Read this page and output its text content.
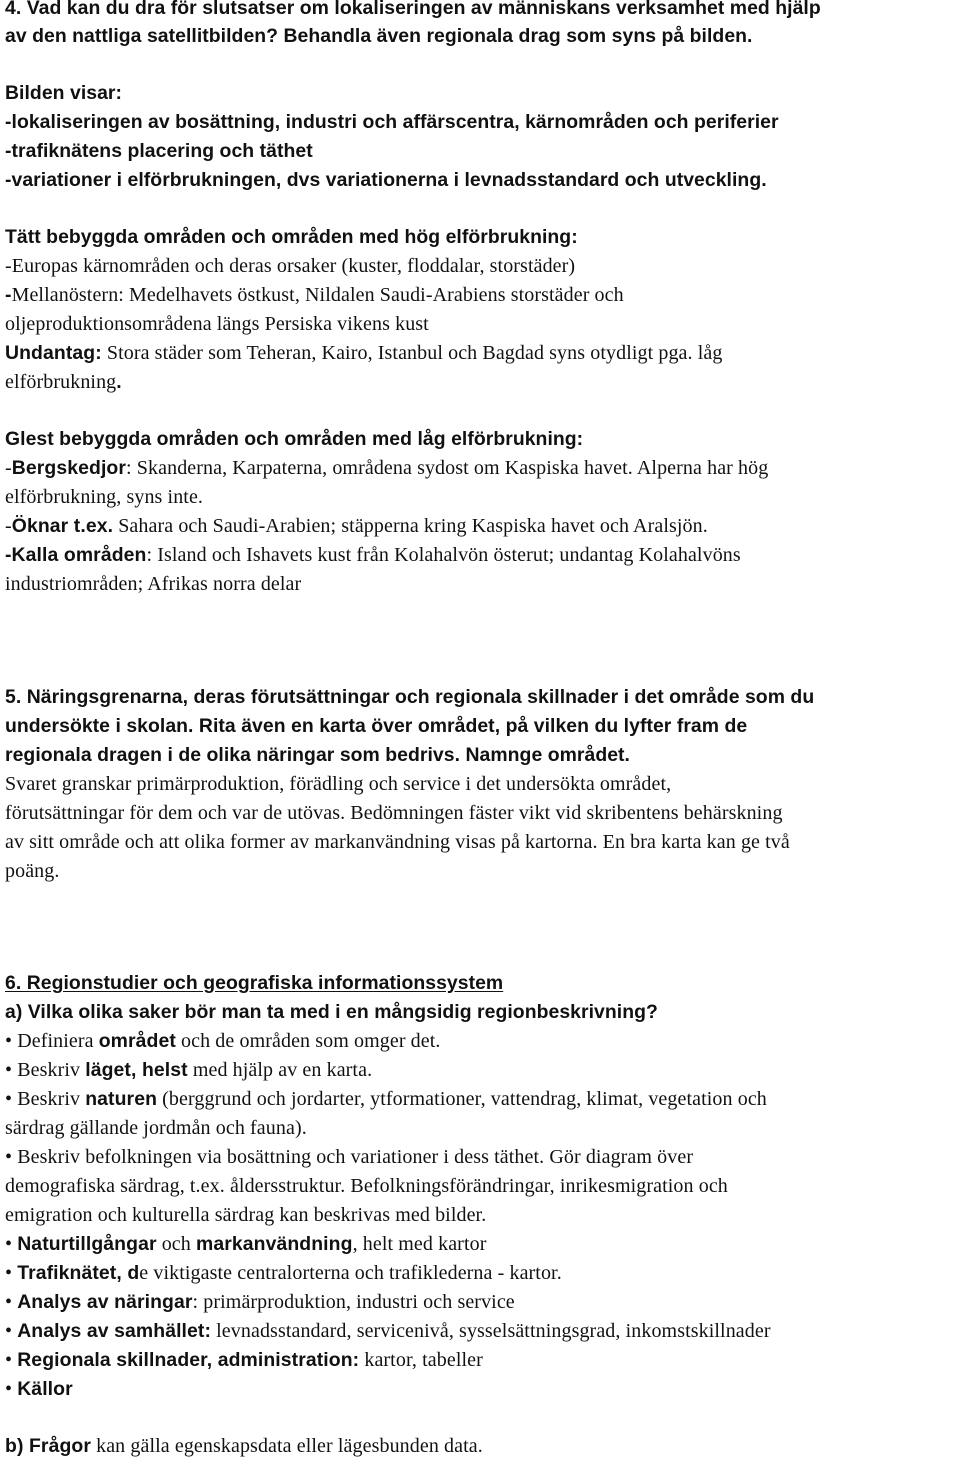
4. Vad kan du dra för slutsatser om lokaliseringen av människans verksamhet med hjälp
av den nattliga satellitbilden? Behandla även regionala drag som syns på bilden.
Bilden visar:
-lokaliseringen av bosättning, industri och affärscentra, kärnområden och periferier
-trafiknätens placering och täthet
-variationer i elförbrukningen, dvs variationerna i levnadsstandard och utveckling.
Tätt bebyggda områden och områden med hög elförbrukning:
-Europas kärnområden och deras orsaker (kuster, floddalar, storstäder)
-Mellanöstern: Medelhavets östkust, Nildalen Saudi-Arabiens storstäder och
oljeproduktionsområdena längs Persiska vikens kust
Undantag: Stora städer som Teheran, Kairo, Istanbul och Bagdad syns otydligt pga. låg
elförbrukning.
Glest bebyggda områden och områden med låg elförbrukning:
-Bergskedjor: Skanderna, Karpaterna, områdena sydost om Kaspiska havet. Alperna har hög
elförbrukning, syns inte.
-Öknar t.ex. Sahara och Saudi-Arabien; stäpperna kring Kaspiska havet och Aralsjön.
-Kalla områden: Island och Ishavets kust från Kolahalvön österut; undantag Kolahalvöns
industriområden; Afrikas norra delar
5. Näringsgrenarna, deras förutsättningar och regionala skillnader i det område som du
undersökte i skolan. Rita även en karta över området, på vilken du lyfter fram de
regionala dragen i de olika näringar som bedrivs. Namnge området.
Svaret granskar primärproduktion, förädling och service i det undersökta området,
förutsättningar för dem och var de utövas. Bedömningen fäster vikt vid skribentens behärskning
av sitt område och att olika former av markanvändning visas på kartorna. En bra karta kan ge två
poäng.
6. Regionstudier och geografiska informationssystem
a) Vilka olika saker bör man ta med i en mångsidig regionbeskrivning?
• Definiera området och de områden som omger det.
• Beskriv läget, helst med hjälp av en karta.
• Beskriv naturen (berggrund och jordarter, ytformationer, vattendrag, klimat, vegetation och
särdrag gällande jordmån och fauna).
• Beskriv befolkningen via bosättning och variationer i dess täthet. Gör diagram över
demografiska särdrag, t.ex. åldersstruktur. Befolkningsförändringar, inrikesmigration och
emigration och kulturella särdrag kan beskrivas med bilder.
• Naturtillgångar och markanvändning, helt med kartor
• Trafiknätet, de viktigaste centralorterna och trafiklederna - kartor.
• Analys av näringar: primärproduktion, industri och service
• Analys av samhället: levnadsstandard, servicenivå, sysselsättningsgrad, inkomstskillnader
• Regionala skillnader, administration: kartor, tabeller
• Källor
b) Frågor kan gälla egenskapsdata eller lägesbunden data.
